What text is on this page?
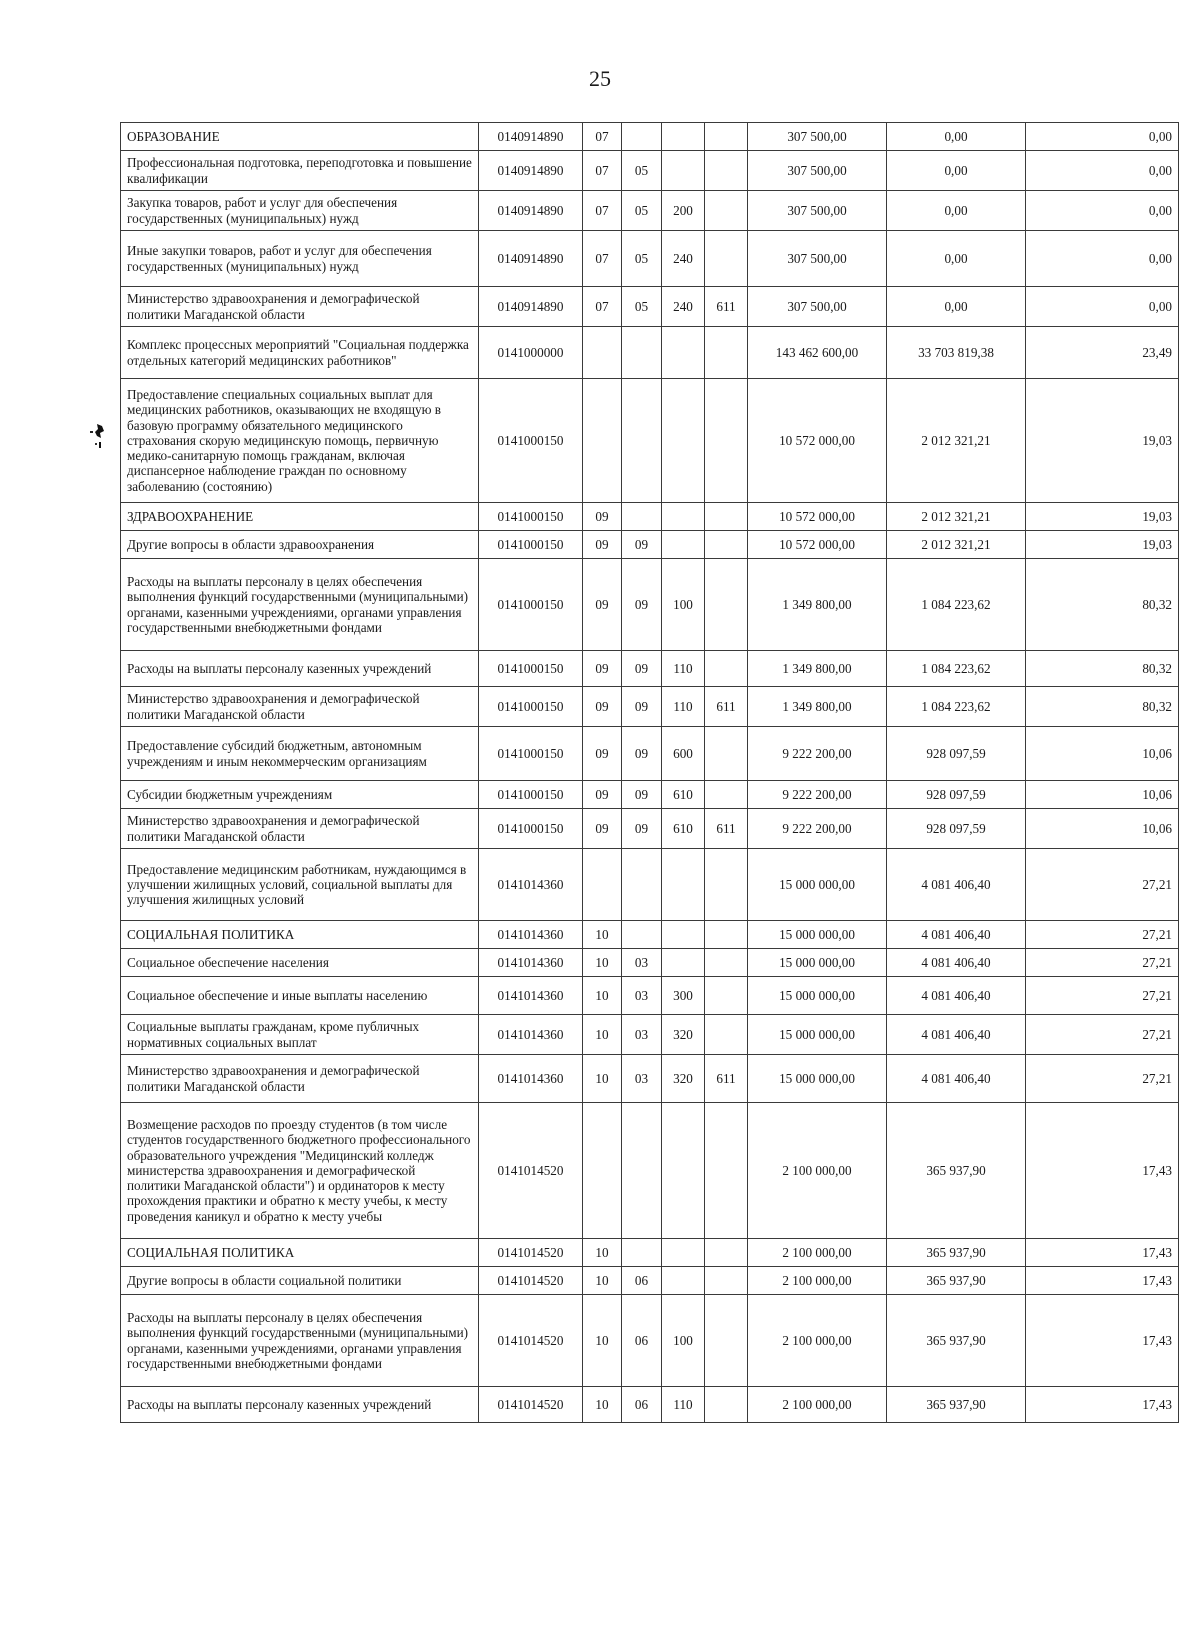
25
ОБРАЗОВАНИЕ	0140914890	07				307 500,00	0,00	0,00
Профессиональная подготовка, переподготовка и повышение квалификации	0140914890	07	05			307 500,00	0,00	0,00
Закупка товаров, работ и услуг для обеспечения государственных (муниципальных) нужд	0140914890	07	05	200		307 500,00	0,00	0,00
Иные закупки товаров, работ и услуг для обеспечения государственных (муниципальных) нужд	0140914890	07	05	240		307 500,00	0,00	0,00
Министерство здравоохранения и демографической политики Магаданской области	0140914890	07	05	240	611	307 500,00	0,00	0,00
Комплекс процессных мероприятий "Социальная поддержка отдельных категорий медицинских работников"	0141000000					143 462 600,00	33 703 819,38	23,49
Предоставление специальных социальных выплат для медицинских работников, оказывающих не входящую в базовую программу обязательного медицинского страхования скорую медицинскую помощь, первичную медико-санитарную помощь гражданам, включая диспансерное наблюдение граждан по основному заболеванию (состоянию)	0141000150					10 572 000,00	2 012 321,21	19,03
ЗДРАВООХРАНЕНИЕ	0141000150	09				10 572 000,00	2 012 321,21	19,03
Другие вопросы в области здравоохранения	0141000150	09	09			10 572 000,00	2 012 321,21	19,03
Расходы на выплаты персоналу в целях обеспечения выполнения функций государственными (муниципальными) органами, казенными учреждениями, органами управления государственными внебюджетными фондами	0141000150	09	09	100		1 349 800,00	1 084 223,62	80,32
Расходы на выплаты персоналу казенных учреждений	0141000150	09	09	110		1 349 800,00	1 084 223,62	80,32
Министерство здравоохранения и демографической политики Магаданской области	0141000150	09	09	110	611	1 349 800,00	1 084 223,62	80,32
Предоставление субсидий бюджетным, автономным учреждениям и иным некоммерческим организациям	0141000150	09	09	600		9 222 200,00	928 097,59	10,06
Субсидии бюджетным учреждениям	0141000150	09	09	610		9 222 200,00	928 097,59	10,06
Министерство здравоохранения и демографической политики Магаданской области	0141000150	09	09	610	611	9 222 200,00	928 097,59	10,06
Предоставление медицинским работникам, нуждающимся в улучшении жилищных условий, социальной выплаты для улучшения жилищных условий	0141014360					15 000 000,00	4 081 406,40	27,21
СОЦИАЛЬНАЯ ПОЛИТИКА	0141014360	10				15 000 000,00	4 081 406,40	27,21
Социальное обеспечение населения	0141014360	10	03			15 000 000,00	4 081 406,40	27,21
Социальное обеспечение и иные выплаты населению	0141014360	10	03	300		15 000 000,00	4 081 406,40	27,21
Социальные выплаты гражданам, кроме публичных нормативных социальных выплат	0141014360	10	03	320		15 000 000,00	4 081 406,40	27,21
Министерство здравоохранения и демографической политики Магаданской области	0141014360	10	03	320	611	15 000 000,00	4 081 406,40	27,21
Возмещение расходов по проезду студентов (в том числе студентов государственного бюджетного профессионального образовательного учреждения "Медицинский колледж министерства здравоохранения и демографической политики Магаданской области") и ординаторов к месту прохождения практики и обратно к месту учебы, к месту проведения каникул и обратно к месту учебы	0141014520					2 100 000,00	365 937,90	17,43
СОЦИАЛЬНАЯ ПОЛИТИКА	0141014520	10				2 100 000,00	365 937,90	17,43
Другие вопросы в области социальной политики	0141014520	10	06			2 100 000,00	365 937,90	17,43
Расходы на выплаты персоналу в целях обеспечения выполнения функций государственными (муниципальными) органами, казенными учреждениями, органами управления государственными внебюджетными фондами	0141014520	10	06	100		2 100 000,00	365 937,90	17,43
Расходы на выплаты персоналу казенных учреждений	0141014520	10	06	110		2 100 000,00	365 937,90	17,43
